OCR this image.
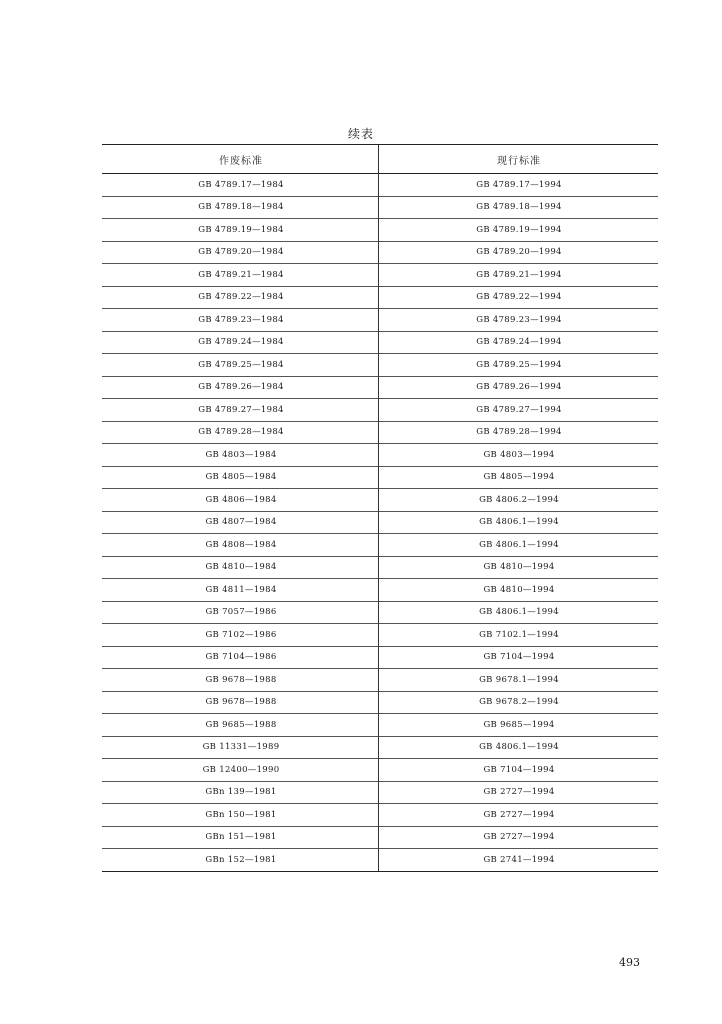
续表
作废标准	现行标准
GB 4789.17—1984	GB 4789.17—1994
GB 4789.18—1984	GB 4789.18—1994
GB 4789.19—1984	GB 4789.19—1994
GB 4789.20—1984	GB 4789.20—1994
GB 4789.21—1984	GB 4789.21—1994
GB 4789.22—1984	GB 4789.22—1994
GB 4789.23—1984	GB 4789.23—1994
GB 4789.24—1984	GB 4789.24—1994
GB 4789.25—1984	GB 4789.25—1994
GB 4789.26—1984	GB 4789.26—1994
GB 4789.27—1984	GB 4789.27—1994
GB 4789.28—1984	GB 4789.28—1994
GB 4803—1984	GB 4803—1994
GB 4805—1984	GB 4805—1994
GB 4806—1984	GB 4806.2—1994
GB 4807—1984	GB 4806.1—1994
GB 4808—1984	GB 4806.1—1994
GB 4810—1984	GB 4810—1994
GB 4811—1984	GB 4810—1994
GB 7057—1986	GB 4806.1—1994
GB 7102—1986	GB 7102.1—1994
GB 7104—1986	GB 7104—1994
GB 9678—1988	GB 9678.1—1994
GB 9678—1988	GB 9678.2—1994
GB 9685—1988	GB 9685—1994
GB 11331—1989	GB 4806.1—1994
GB 12400—1990	GB 7104—1994
GBn 139—1981	GB 2727—1994
GBn 150—1981	GB 2727—1994
GBn 151—1981	GB 2727—1994
GBn 152—1981	GB 2741—1994
493
